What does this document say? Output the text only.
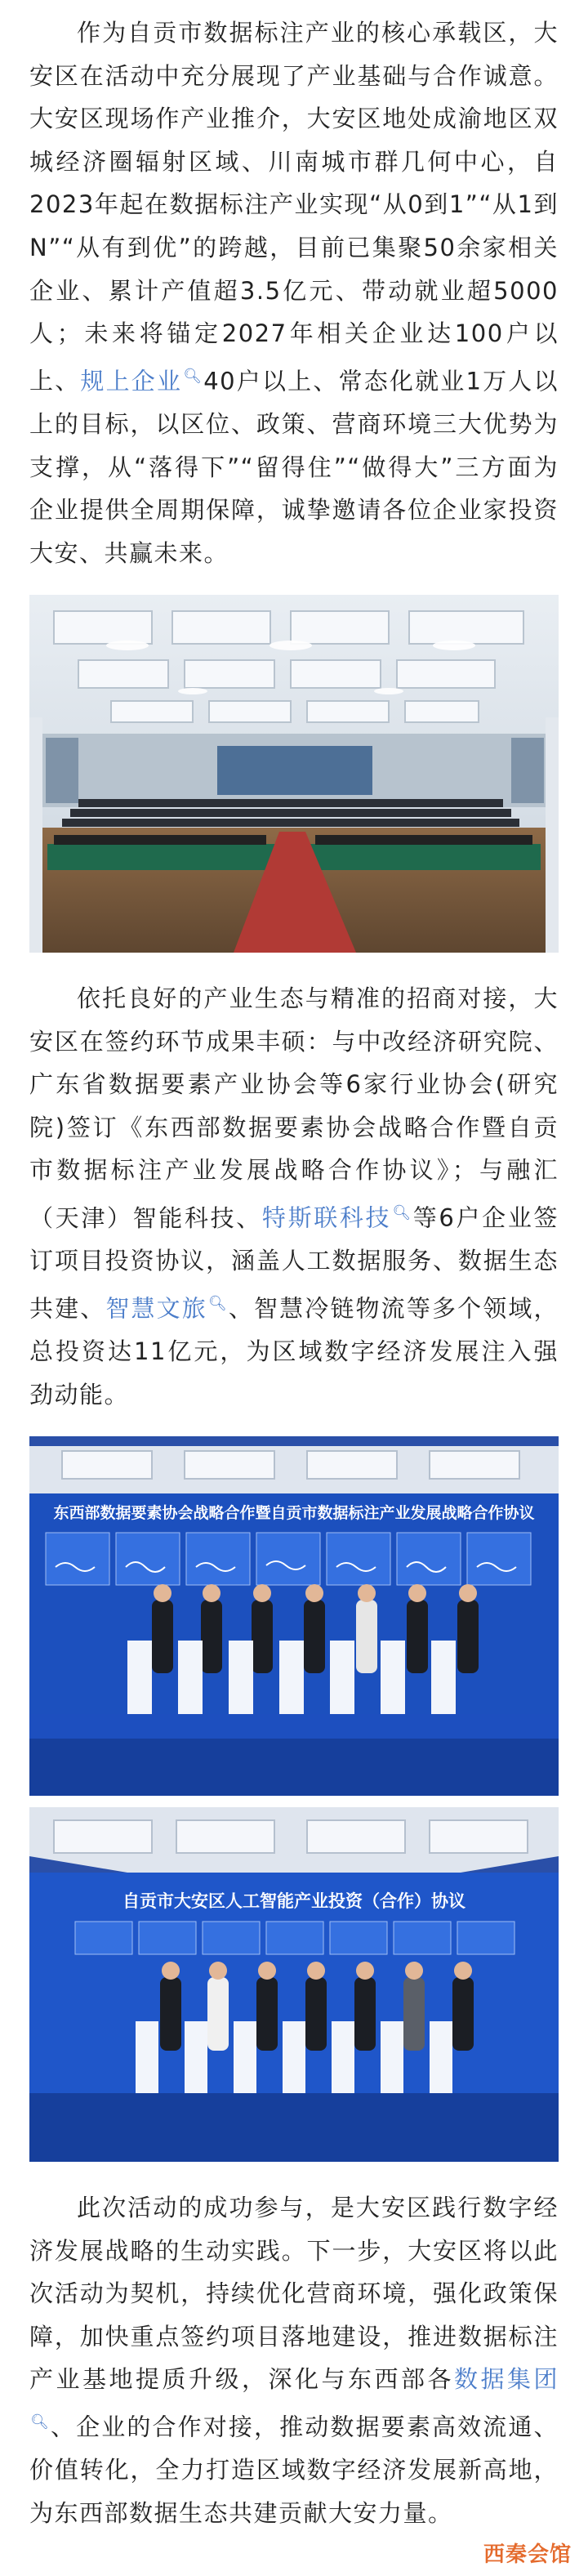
作为自贡市数据标注产业的核心承载区，大安区在活动中充分展现了产业基础与合作诚意。大安区现场作产业推介，大安区地处成渝地区双城经济圈辐射区域、川南城市群几何中心，自2023年起在数据标注产业实现“从0到1”“从1到N”“从有到优”的跨越，目前已集聚50余家相关企业、累计产值超3.5亿元、带动就业超5000人；未来将锚定2027年相关企业达100户以上、规上企业🔍︎40户以上、常态化就业1万人以上的目标，以区位、政策、营商环境三大优势为支撑，从“落得下”“留得住”“做得大”三方面为企业提供全周期保障，诚挚邀请各位企业家投资大安、共赢未来。

依托良好的产业生态与精准的招商对接，大安区在签约环节成果丰硕：与中改经济研究院、广东省数据要素产业协会等6家行业协会(研究院)签订《东西部数据要素协会战略合作暨自贡市数据标注产业发展战略合作协议》；与融汇（天津）智能科技、特斯联科技🔍︎等6户企业签订项目投资协议，涵盖人工数据服务、数据生态共建、智慧文旅🔍︎、智慧冷链物流等多个领域，总投资达11亿元，为区域数字经济发展注入强劲动能。

东西部数据要素协会战略合作暨自贡市数据标注产业发展战略合作协议
自贡市大安区人工智能产业投资（合作）协议

此次活动的成功参与，是大安区践行数字经济发展战略的生动实践。下一步，大安区将以此次活动为契机，持续优化营商环境，强化政策保障，加快重点签约项目落地建设，推进数据标注产业基地提质升级，深化与东西部各数据集团🔍︎、企业的合作对接，推动数据要素高效流通、价值转化，全力打造区域数字经济发展新高地，为东西部数据生态共建贡献大安力量。

西秦会馆
